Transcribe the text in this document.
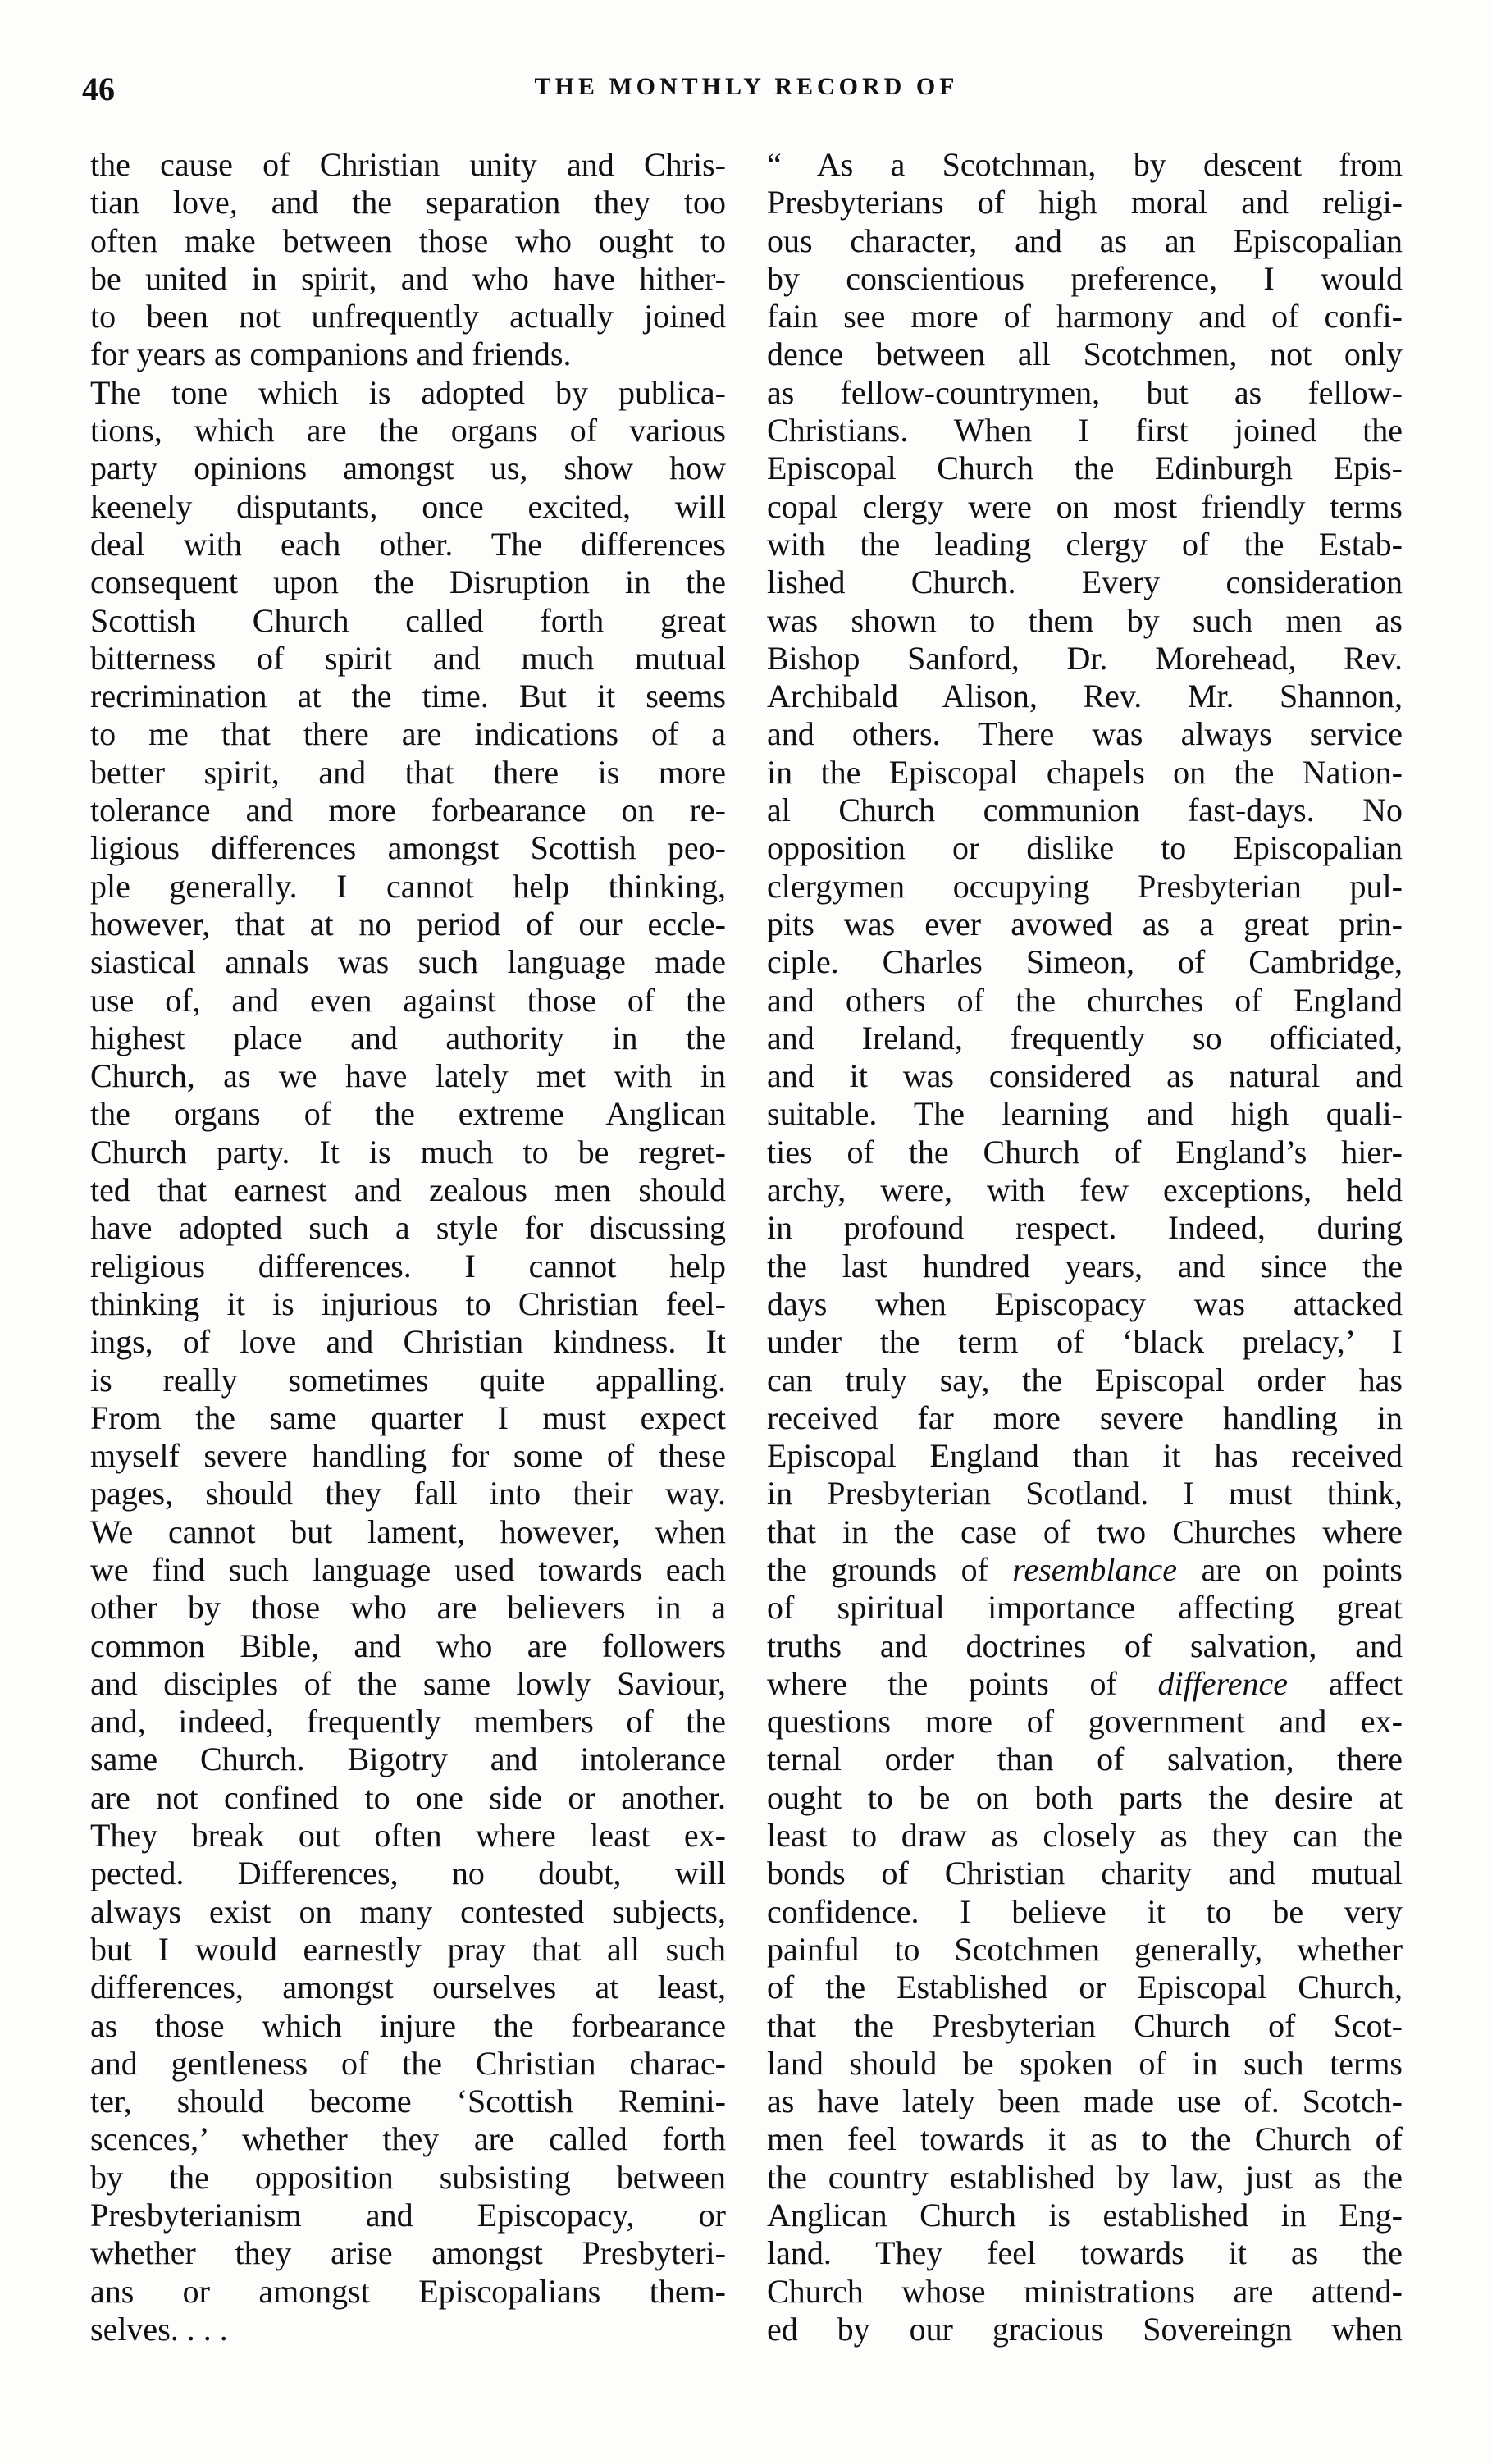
46	THE MONTHLY RECORD OF
the cause of Christian unity and Chris-
tian love, and the separation they too
often make between those who ought to
be united in spirit, and who have hither-
to been not unfrequently actually joined
for years as companions and friends.
The tone which is adopted by publica-
tions, which are the organs of various
party opinions amongst us, show how
keenely disputants, once excited, will
deal with each other. The differences
consequent upon the Disruption in the
Scottish Church called forth great
bitterness of spirit and much mutual
recrimination at the time. But it seems
to me that there are indications of a
better spirit, and that there is more
tolerance and more forbearance on re-
ligious differences amongst Scottish peo-
ple generally. I cannot help thinking,
however, that at no period of our eccle-
siastical annals was such language made
use of, and even against those of the
highest place and authority in the
Church, as we have lately met with in
the organs of the extreme Anglican
Church party. It is much to be regret-
ted that earnest and zealous men should
have adopted such a style for discussing
religious differences. I cannot help
thinking it is injurious to Christian feel-
ings, of love and Christian kindness. It
is really sometimes quite appalling.
From the same quarter I must expect
myself severe handling for some of these
pages, should they fall into their way.
We cannot but lament, however, when
we find such language used towards each
other by those who are believers in a
common Bible, and who are followers
and disciples of the same lowly Saviour,
and, indeed, frequently members of the
same Church. Bigotry and intolerance
are not confined to one side or another.
They break out often where least ex-
pected. Differences, no doubt, will
always exist on many contested subjects,
but I would earnestly pray that all such
differences, amongst ourselves at least,
as those which injure the forbearance
and gentleness of the Christian charac-
ter, should become ‘Scottish Remini-
scences,’ whether they are called forth
by the opposition subsisting between
Presbyterianism and Episcopacy, or
whether they arise amongst Presbyteri-
ans or amongst Episcopalians them-
selves. . . .
“ As a Scotchman, by descent from
Presbyterians of high moral and religi-
ous character, and as an Episcopalian
by conscientious preference, I would
fain see more of harmony and of confi-
dence between all Scotchmen, not only
as fellow-countrymen, but as fellow-
Christians. When I first joined the
Episcopal Church the Edinburgh Epis-
copal clergy were on most friendly terms
with the leading clergy of the Estab-
lished Church. Every consideration
was shown to them by such men as
Bishop Sanford, Dr. Morehead, Rev.
Archibald Alison, Rev. Mr. Shannon,
and others. There was always service
in the Episcopal chapels on the Nation-
al Church communion fast-days. No
opposition or dislike to Episcopalian
clergymen occupying Presbyterian pul-
pits was ever avowed as a great prin-
ciple. Charles Simeon, of Cambridge,
and others of the churches of England
and Ireland, frequently so officiated,
and it was considered as natural and
suitable. The learning and high quali-
ties of the Church of England’s hier-
archy, were, with few exceptions, held
in profound respect. Indeed, during
the last hundred years, and since the
days when Episcopacy was attacked
under the term of ‘black prelacy,’ I
can truly say, the Episcopal order has
received far more severe handling in
Episcopal England than it has received
in Presbyterian Scotland. I must think,
that in the case of two Churches where
the grounds of resemblance are on points
of spiritual importance affecting great
truths and doctrines of salvation, and
where the points of difference affect
questions more of government and ex-
ternal order than of salvation, there
ought to be on both parts the desire at
least to draw as closely as they can the
bonds of Christian charity and mutual
confidence. I believe it to be very
painful to Scotchmen generally, whether
of the Established or Episcopal Church,
that the Presbyterian Church of Scot-
land should be spoken of in such terms
as have lately been made use of. Scotch-
men feel towards it as to the Church of
the country established by law, just as the
Anglican Church is established in Eng-
land. They feel towards it as the
Church whose ministrations are attend-
ed by our gracious Sovereingn when
